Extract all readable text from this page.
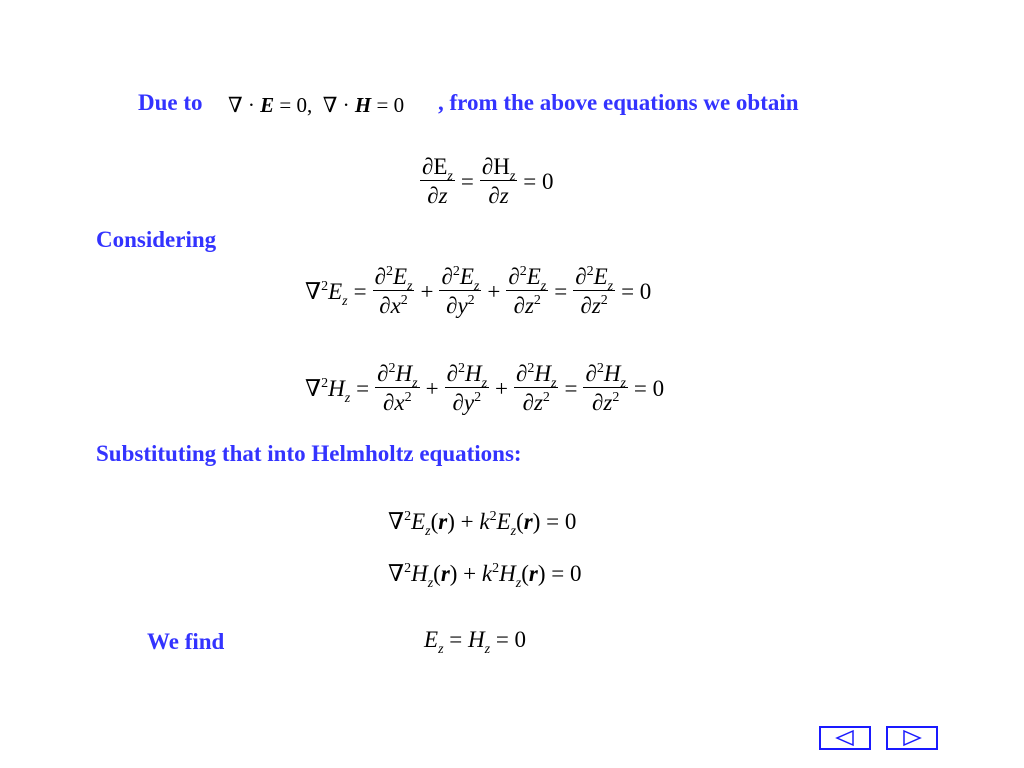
Due to ∇ · E = 0,  ∇ · H = 0 , from the above equations we obtain
$\frac{\partial E_z}{\partial z} = \frac{\partial H_z}{\partial z} = 0$
Considering
$\nabla^2E_z = \frac{\partial^2E_z}{\partial x^2} + \frac{\partial^2E_z}{\partial y^2} + \frac{\partial^2E_z}{\partial z^2} = \frac{\partial^2E_z}{\partial z^2} = 0$
$\nabla^2H_z = \frac{\partial^2H_z}{\partial x^2} + \frac{\partial^2H_z}{\partial y^2} + \frac{\partial^2H_z}{\partial z^2} = \frac{\partial^2H_z}{\partial z^2} = 0$
Substituting that into Helmholtz equations:
$\nabla^2E_z(r) + k^2E_z(r) = 0$
$\nabla^2H_z(r) + k^2H_z(r) = 0$
We find	$E_z = H_z = 0$
